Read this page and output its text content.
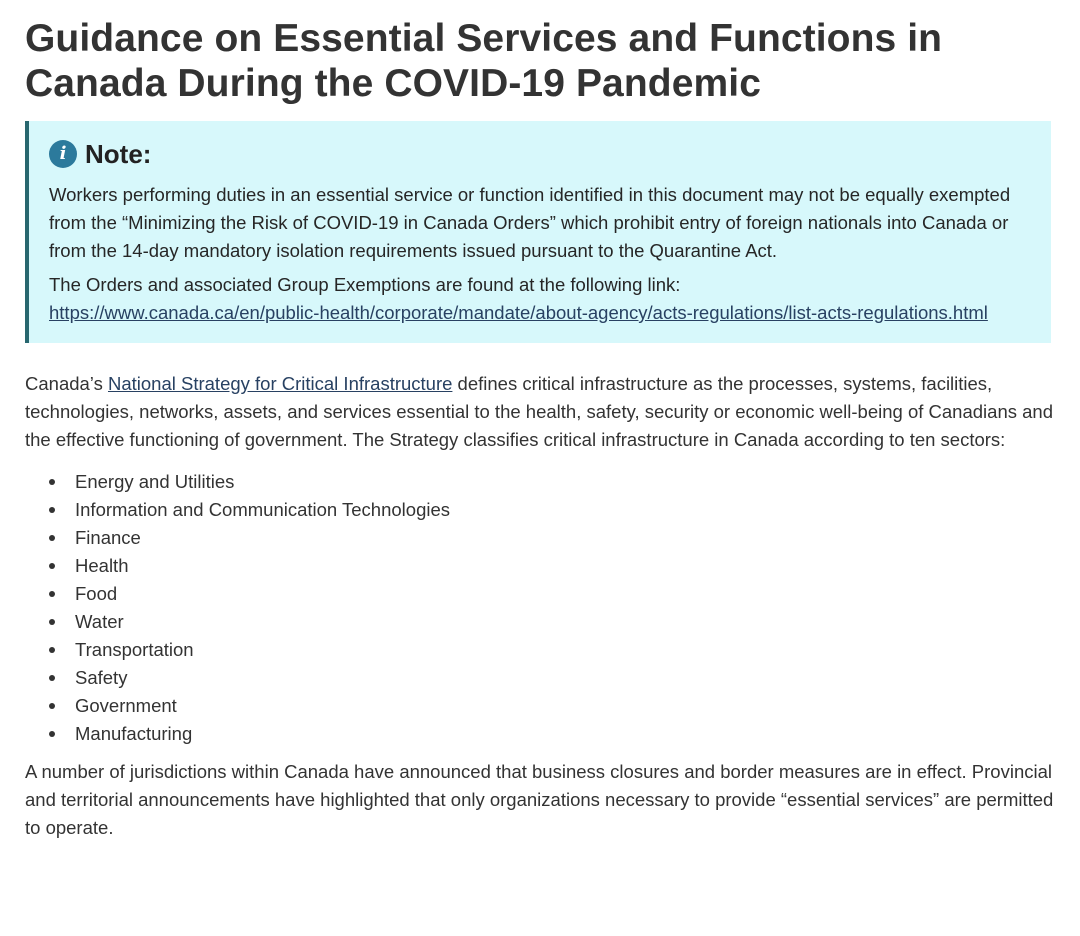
Guidance on Essential Services and Functions in Canada During the COVID-19 Pandemic
i Note:

Workers performing duties in an essential service or function identified in this document may not be equally exempted from the “Minimizing the Risk of COVID-19 in Canada Orders” which prohibit entry of foreign nationals into Canada or from the 14-day mandatory isolation requirements issued pursuant to the Quarantine Act.

The Orders and associated Group Exemptions are found at the following link:
https://www.canada.ca/en/public-health/corporate/mandate/about-agency/acts-regulations/list-acts-regulations.html

Canada’s National Strategy for Critical Infrastructure defines critical infrastructure as the processes, systems, facilities, technologies, networks, assets, and services essential to the health, safety, security or economic well-being of Canadians and the effective functioning of government. The Strategy classifies critical infrastructure in Canada according to ten sectors:

Energy and Utilities
Information and Communication Technologies
Finance
Health
Food
Water
Transportation
Safety
Government
Manufacturing

A number of jurisdictions within Canada have announced that business closures and border measures are in effect. Provincial and territorial announcements have highlighted that only organizations necessary to provide “essential services” are permitted to operate.
